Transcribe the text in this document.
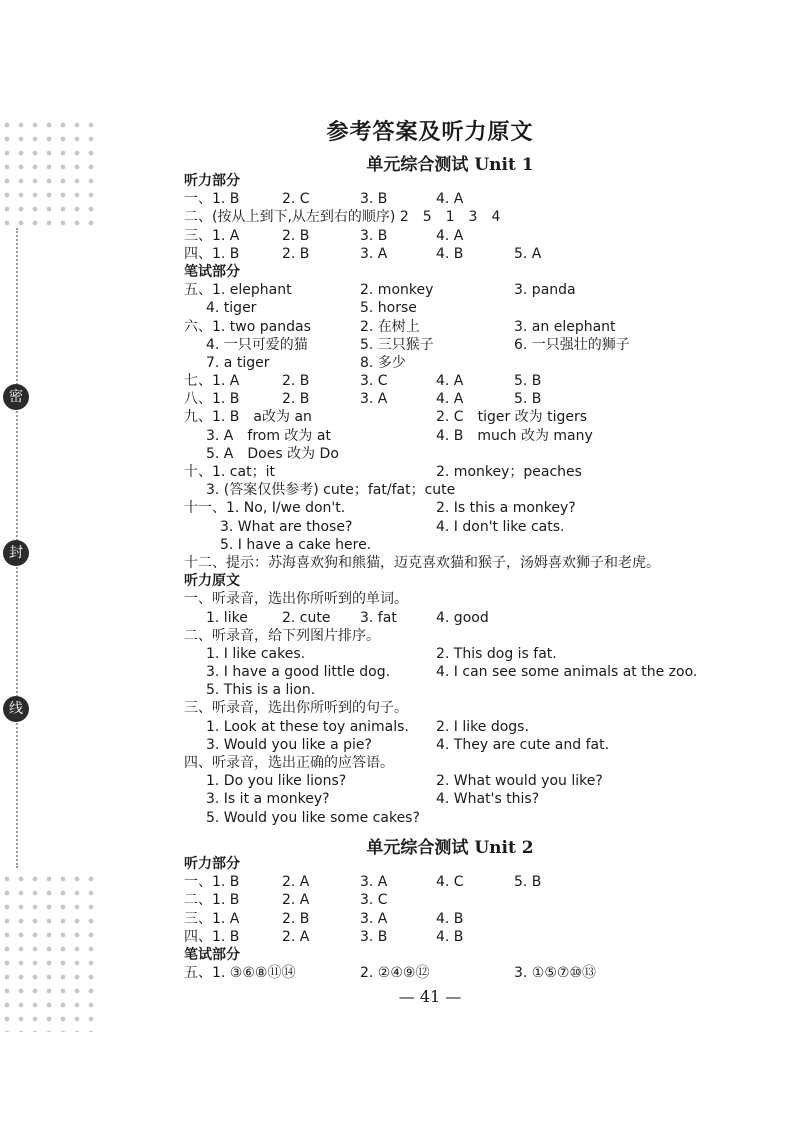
密
封
线
参考答案及听力原文
单元综合测试 Unit 1
听力部分
一、1. B	2. C	3. B	4. A
二、(按从上到下,从左到右的顺序) 2　5　1　3　4
三、1. A	2. B	3. B	4. A
四、1. B	2. B	3. A	4. B	5. A
笔试部分
五、1. elephant	2. monkey	3. panda
4. tiger	5. horse
六、1. two pandas	2. 在树上	3. an elephant
4. 一只可爱的猫	5. 三只猴子	6. 一只强壮的狮子
7. a tiger	8. 多少
七、1. A	2. B	3. C	4. A	5. B
八、1. B	2. B	3. A	4. A	5. B
九、1. B　a改为 an	2. C　tiger 改为 tigers
3. A　from 改为 at	4. B　much 改为 many
5. A　Does 改为 Do
十、1. cat；it	2. monkey；peaches
3. (答案仅供参考) cute；fat/fat；cute
十一、1. No, I/we don't.	2. Is this a monkey?
3. What are those?	4. I don't like cats.
5. I have a cake here.
十二、提示：苏海喜欢狗和熊猫，迈克喜欢猫和猴子，汤姆喜欢狮子和老虎。
听力原文
一、听录音，选出你所听到的单词。
1. like 2. cute 3. fat	4. good
二、听录音，给下列图片排序。
1. I like cakes.	2. This dog is fat.
3. I have a good little dog.	4. I can see some animals at the zoo.
5. This is a lion.
三、听录音，选出你所听到的句子。
1. Look at these toy animals. 2. I like dogs.
3. Would you like a pie?	4. They are cute and fat.
四、听录音，选出正确的应答语。
1. Do you like lions?	2. What would you like?
3. Is it a monkey?	4. What's this?
5. Would you like some cakes?
单元综合测试 Unit 2
听力部分
一、1. B	2. A	3. A	4. C	5. B
二、1. B	2. A	3. C
三、1. A	2. B	3. A	4. B
四、1. B	2. A	3. B	4. B
笔试部分
五、1. ③⑥⑧⑪⑭	2. ②④⑨⑫	3. ①⑤⑦⑩⑬
— 41 —
